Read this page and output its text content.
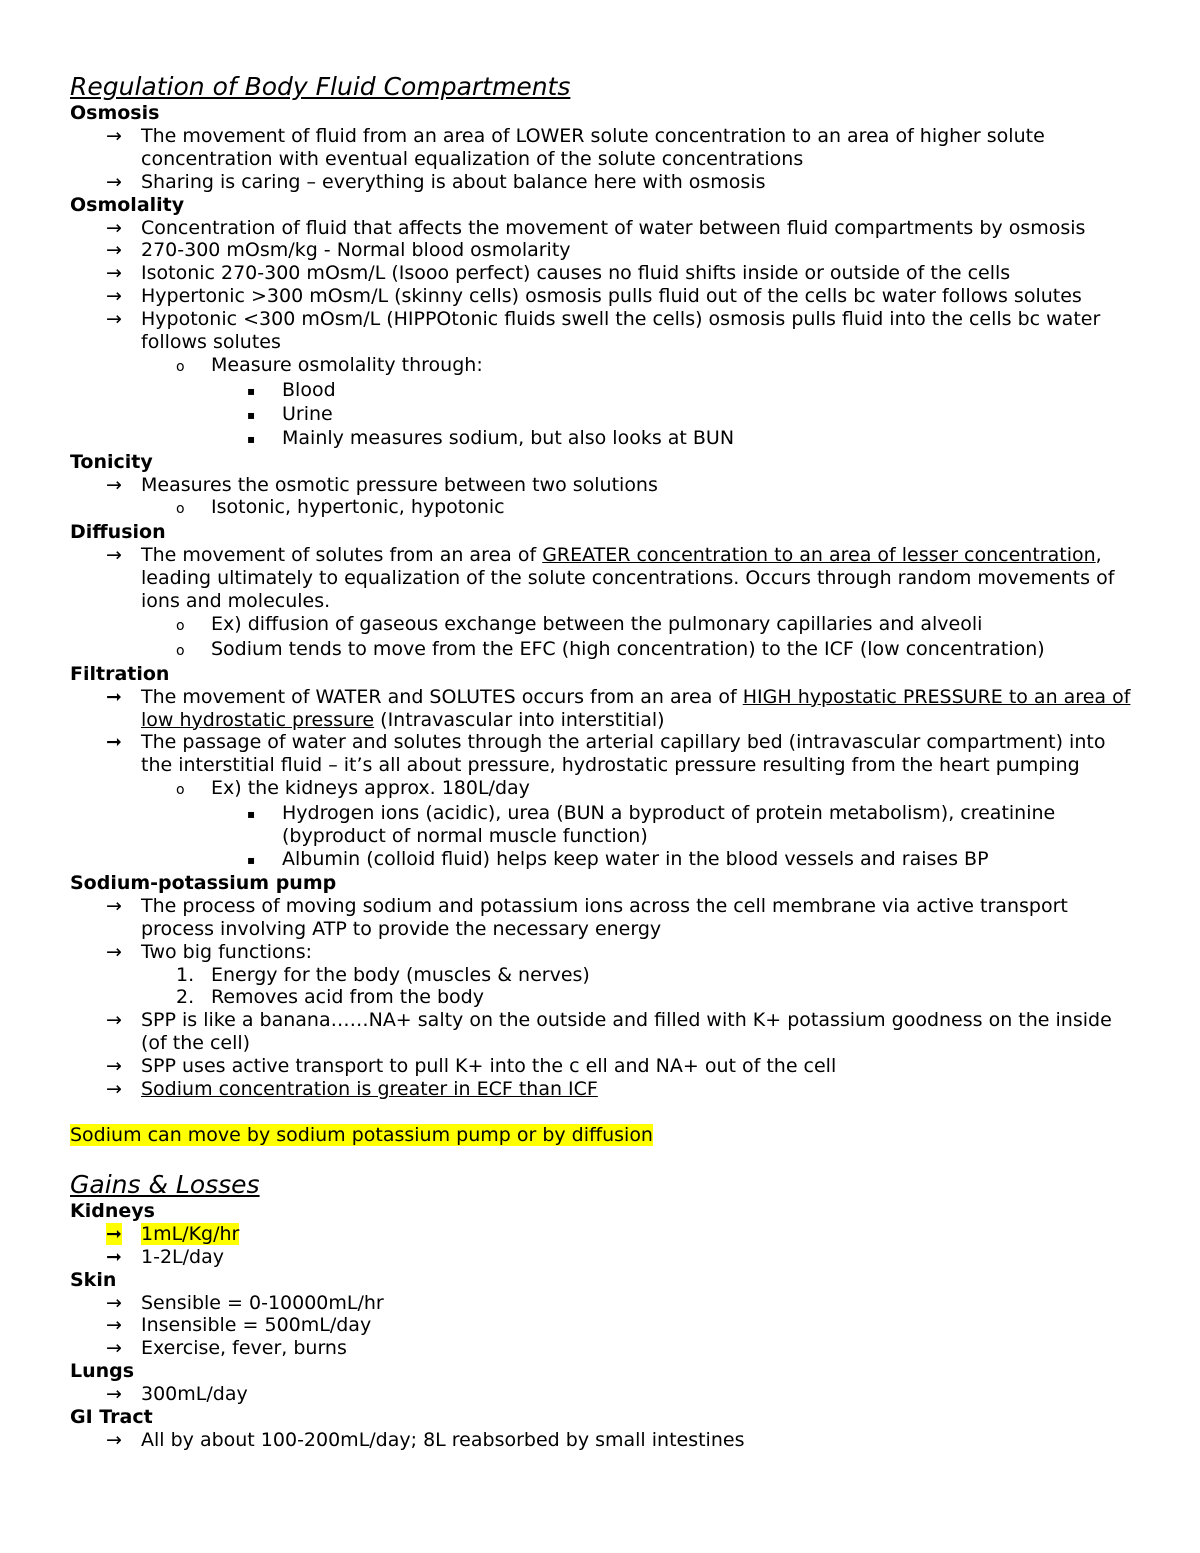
Regulation of Body Fluid Compartments
Osmosis
→	The movement of fluid from an area of LOWER solute concentration to an area of higher solute concentration with eventual equalization of the solute concentrations
→	Sharing is caring – everything is about balance here with osmosis
Osmolality
→	Concentration of fluid that affects the movement of water between fluid compartments by osmosis
→	270-300 mOsm/kg - Normal blood osmolarity
→	Isotonic 270-300 mOsm/L (Isooo perfect) causes no fluid shifts inside or outside of the cells
→	Hypertonic >300 mOsm/L (skinny cells) osmosis pulls fluid out of the cells bc water follows solutes
→	Hypotonic <300 mOsm/L (HIPPOtonic fluids swell the cells) osmosis pulls fluid into the cells bc water follows solutes
o	Measure osmolality through:
▪	Blood
▪	Urine
▪	Mainly measures sodium, but also looks at BUN
Tonicity
→	Measures the osmotic pressure between two solutions
o	Isotonic, hypertonic, hypotonic
Diffusion
→	The movement of solutes from an area of GREATER concentration to an area of lesser concentration, leading ultimately to equalization of the solute concentrations. Occurs through random movements of ions and molecules.
o	Ex) diffusion of gaseous exchange between the pulmonary capillaries and alveoli
o	Sodium tends to move from the EFC (high concentration) to the ICF (low concentration)
Filtration
➞	The movement of WATER and SOLUTES occurs from an area of HIGH hypostatic PRESSURE to an area of low hydrostatic pressure (Intravascular into interstitial)
➞	The passage of water and solutes through the arterial capillary bed (intravascular compartment) into the interstitial fluid – it’s all about pressure, hydrostatic pressure resulting from the heart pumping
o	Ex) the kidneys approx. 180L/day
▪	Hydrogen ions (acidic), urea (BUN a byproduct of protein metabolism), creatinine (byproduct of normal muscle function)
▪	Albumin (colloid fluid) helps keep water in the blood vessels and raises BP
Sodium-potassium pump
→	The process of moving sodium and potassium ions across the cell membrane via active transport process involving ATP to provide the necessary energy
→	Two big functions:
1. Energy for the body (muscles & nerves)
2. Removes acid from the body
→	SPP is like a banana……NA+ salty on the outside and filled with K+ potassium goodness on the inside (of the cell)
→	SPP uses active transport to pull K+ into the c ell and NA+ out of the cell
→	Sodium concentration is greater in ECF than ICF
Sodium can move by sodium potassium pump or by diffusion
Gains & Losses
Kidneys
➞	1mL/Kg/hr
➞	1-2L/day
Skin
→	Sensible = 0-10000mL/hr
→	Insensible = 500mL/day
→	Exercise, fever, burns
Lungs
→	300mL/day
GI Tract
→	All by about 100-200mL/day; 8L reabsorbed by small intestines
